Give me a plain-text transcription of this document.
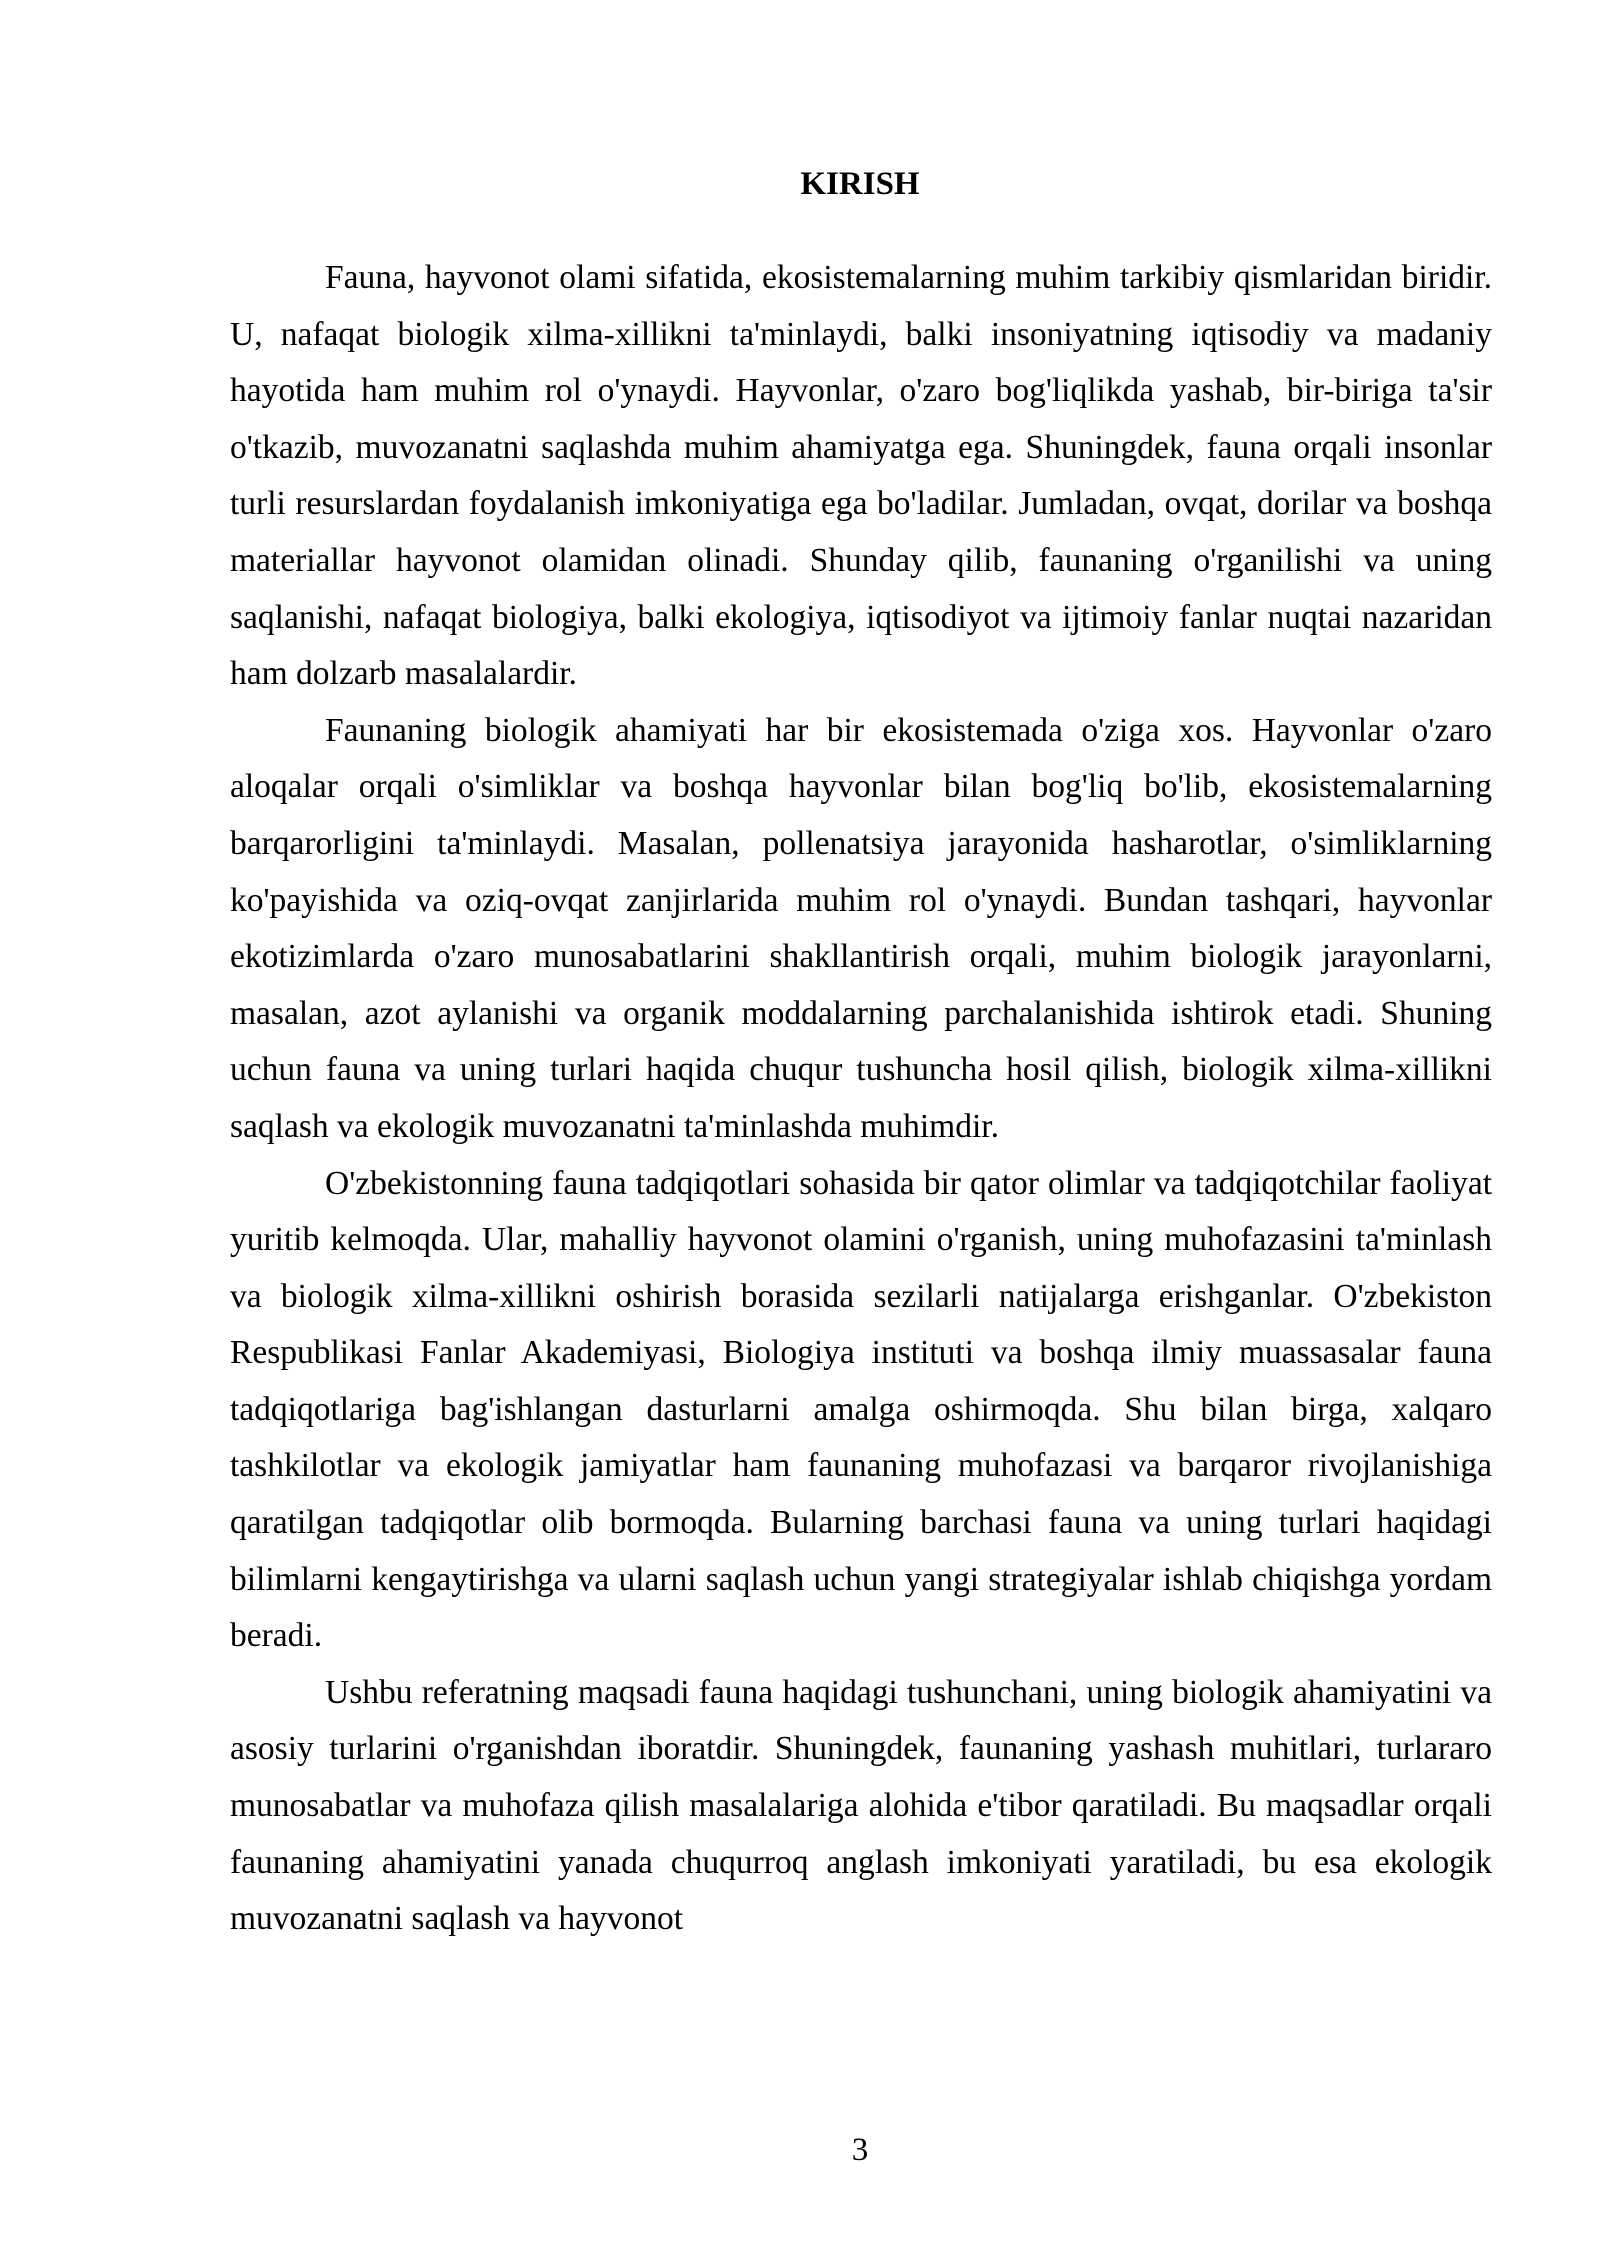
KIRISH

Fauna, hayvonot olami sifatida, ekosistemalarning muhim tarkibiy qismlaridan biridir. U, nafaqat biologik xilma-xillikni ta'minlaydi, balki insoniyatning iqtisodiy va madaniy hayotida ham muhim rol o'ynaydi. Hayvonlar, o'zaro bog'liqlikda yashab, bir-biriga ta'sir o'tkazib, muvozanatni saqlashda muhim ahamiyatga ega. Shuningdek, fauna orqali insonlar turli resurslardan foydalanish imkoniyatiga ega bo'ladilar. Jumladan, ovqat, dorilar va boshqa materiallar hayvonot olamidan olinadi. Shunday qilib, faunaning o'rganilishi va uning saqlanishi, nafaqat biologiya, balki ekologiya, iqtisodiyot va ijtimoiy fanlar nuqtai nazaridan ham dolzarb masalalardir.

Faunaning biologik ahamiyati har bir ekosistemada o'ziga xos. Hayvonlar o'zaro aloqalar orqali o'simliklar va boshqa hayvonlar bilan bog'liq bo'lib, ekosistemalarning barqarorligini ta'minlaydi. Masalan, pollenatsiya jarayonida hasharotlar, o'simliklarning ko'payishida va oziq-ovqat zanjirlarida muhim rol o'ynaydi. Bundan tashqari, hayvonlar ekotizimlarda o'zaro munosabatlarini shakllantirish orqali, muhim biologik jarayonlarni, masalan, azot aylanishi va organik moddalarning parchalanishida ishtirok etadi. Shuning uchun fauna va uning turlari haqida chuqur tushuncha hosil qilish, biologik xilma-xillikni saqlash va ekologik muvozanatni ta'minlashda muhimdir.

O'zbekistonning fauna tadqiqotlari sohasida bir qator olimlar va tadqiqotchilar faoliyat yuritib kelmoqda. Ular, mahalliy hayvonot olamini o'rganish, uning muhofazasini ta'minlash va biologik xilma-xillikni oshirish borasida sezilarli natijalarga erishganlar. O'zbekiston Respublikasi Fanlar Akademiyasi, Biologiya instituti va boshqa ilmiy muassasalar fauna tadqiqotlariga bag'ishlangan dasturlarni amalga oshirmoqda. Shu bilan birga, xalqaro tashkilotlar va ekologik jamiyatlar ham faunaning muhofazasi va barqaror rivojlanishiga qaratilgan tadqiqotlar olib bormoqda. Bularning barchasi fauna va uning turlari haqidagi bilimlarni kengaytirishga va ularni saqlash uchun yangi strategiyalar ishlab chiqishga yordam beradi.

Ushbu referatning maqsadi fauna haqidagi tushunchani, uning biologik ahamiyatini va asosiy turlarini o'rganishdan iboratdir. Shuningdek, faunaning yashash muhitlari, turlararo munosabatlar va muhofaza qilish masalalariga alohida e'tibor qaratiladi. Bu maqsadlar orqali faunaning ahamiyatini yanada chuqurroq anglash imkoniyati yaratiladi, bu esa ekologik muvozanatni saqlash va hayvonot

3
